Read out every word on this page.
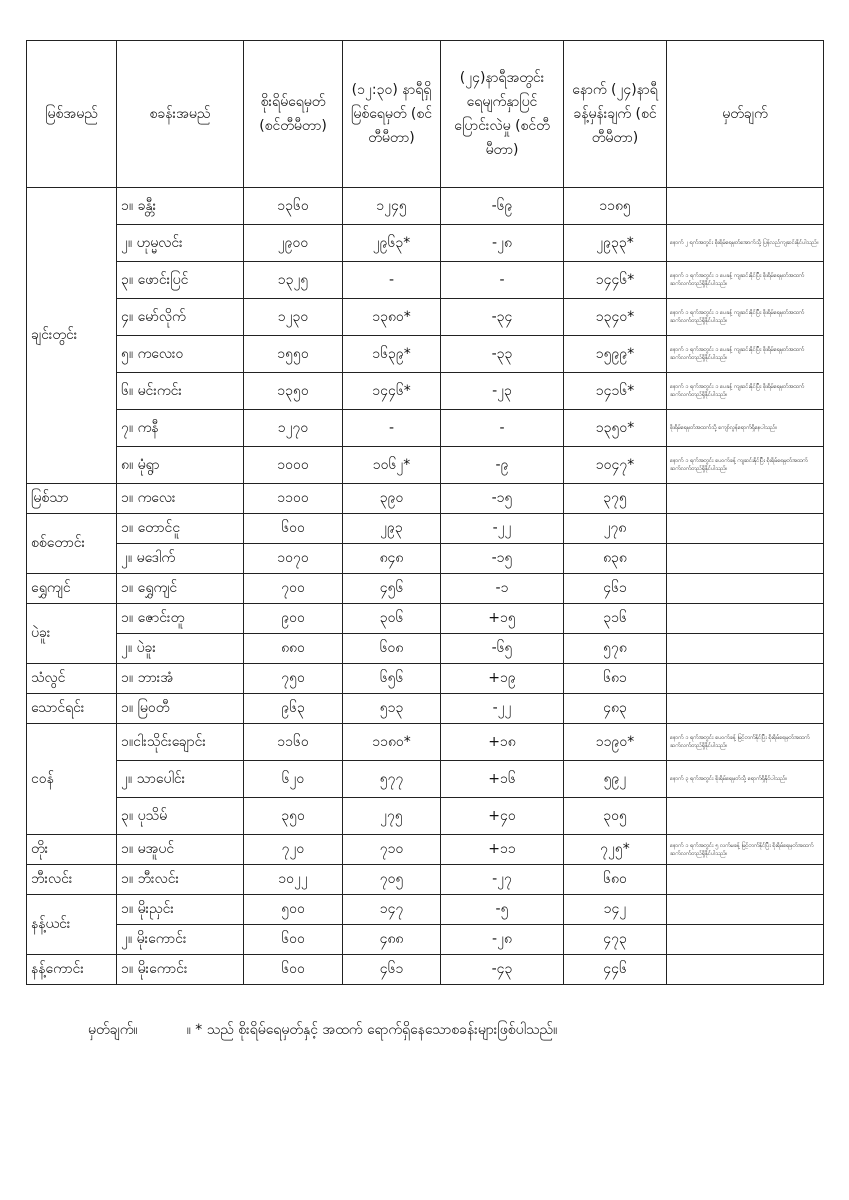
မြစ်အမည်	စခန်းအမည်	စိုးရိမ်ရေမှတ် (စင်တီမီတာ)	(၁၂:၃၀) နာရီရှိ မြစ်ရေမှတ် (စင်တီမီတာ)	(၂၄)နာရီအတွင်း ရေမျက်နှာပြင် ပြောင်းလဲမှု (စင်တီမီတာ)	နောက် (၂၄)နာရီ ခန့်မှန်းချက် (စင်တီမီတာ)	မှတ်ချက်
ချင်းတွင်း	၁။ ခန္တီး	၁၃၆၀	၁၂၄၅	-၆၉	၁၁၈၅	
	၂။ ဟုမ္မလင်း	၂၉၀၀	၂၉၆၃*	-၂၈	၂၉၃၃*	နောက် ၂ ရက်အတွင်း စိုးရိမ်ရေမှတ်အောက်သို့ ပြန်လည်ကျဆင်းနိုင်ပါသည်။
	၃။ ဖောင်းပြင်	၁၃၂၅	-	-	၁၄၄၆*	နောက် ၁ ရက်အတွင်း ၁ ပေခန့် ကျဆင်းနိုင်ပြီး စိုးရိမ်ရေမှတ်အထက် ဆက်လက်တည်ရှိနိုင်ပါသည်။
	၄။ မော်လိုက်	၁၂၃၀	၁၃၈၀*	-၃၄	၁၃၄၀*	နောက် ၁ ရက်အတွင်း ၁ ပေခန့် ကျဆင်းနိုင်ပြီး စိုးရိမ်ရေမှတ်အထက် ဆက်လက်တည်ရှိနိုင်ပါသည်။
	၅။ ကလေးဝ	၁၅၅၀	၁၆၃၉*	-၃၃	၁၅၉၉*	နောက် ၁ ရက်အတွင်း ၁ ပေခန့် ကျဆင်းနိုင်ပြီး စိုးရိမ်ရေမှတ်အထက် ဆက်လက်တည်ရှိနိုင်ပါသည်။
	၆။ မင်းကင်း	၁၃၅၀	၁၄၄၆*	-၂၃	၁၄၁၆*	နောက် ၁ ရက်အတွင်း ၁ ပေခန့် ကျဆင်းနိုင်ပြီး စိုးရိမ်ရေမှတ်အထက် ဆက်လက်တည်ရှိနိုင်ပါသည်။
	၇။ ကနီ	၁၂၇၀	-	-	၁၃၅၀*	စိုးရိမ်ရေမှတ်အထက်သို့ ကျော်လွန်ရောက်ရှိနေပါသည်။
	၈။ မုံရွာ	၁၀၀၀	၁၀၆၂*	-၉	၁၀၄၇*	နောက် ၁ ရက်အတွင်း ပေဝက်ခန့် ကျဆင်းနိုင်ပြီး စိုးရိမ်ရေမှတ်အထက် ဆက်လက်တည်ရှိနိုင်ပါသည်။
မြစ်သာ	၁။ ကလေး	၁၁၀၀	၃၉၀	-၁၅	၃၇၅	
စစ်တောင်း	၁။ တောင်ငူ	၆၀၀	၂၉၃	-၂၂	၂၇၈	
	၂။ မဒေါက်	၁၀၇၀	၈၄၈	-၁၅	၈၃၈	
ရွှေကျင်	၁။ ရွှေကျင်	၇၀၀	၄၅၆	-၁	၄၆၁	
ပဲခူး	၁။ ဇောင်းတူ	၉၀၀	၃၀၆	+၁၅	၃၁၆	
	၂။ ပဲခူး	၈၈၀	၆၀၈	-၆၅	၅၇၈	
သံလွင်	၁။ ဘားအံ	၇၅၀	၆၅၆	+၁၉	၆၈၁	
သောင်ရင်း	၁။ မြဝတီ	၉၆၃	၅၁၃	-၂၂	၄၈၃	
ငဝန်	၁။ငါးသိုင်းချောင်း	၁၁၆၀	၁၁၈၀*	+၁၈	၁၁၉၀*	နောက် ၁ ရက်အတွင်း ပေဝက်ခန့် မြင့်တက်နိုင်ပြီး စိုးရိမ်ရေမှတ်အထက် ဆက်လက်တည်ရှိနိုင်ပါသည်။
	၂။ သာပေါင်း	၆၂၀	၅၇၇	+၁၆	၅၉၂	နောက် ၃ ရက်အတွင်း စိုးရိမ်ရေမှတ်သို့ ရောက်ရှိနိုင်ပါသည်။
	၃။ ပုသိမ်	၃၅၀	၂၇၅	+၄၀	၃၀၅	
တိုး	၁။ မအူပင်	၇၂၀	၇၁၀	+၁၁	၇၂၅*	နောက် ၁ ရက်အတွင်း ၅ လက်မခန့် မြင့်တက်နိုင်ပြီး စိုးရိမ်ရေမှတ်အထက် ဆက်လက်တည်ရှိနိုင်ပါသည်။
ဘီးလင်း	၁။ ဘီးလင်း	၁၀၂၂	၇၀၅	-၂၇	၆၈၀	
နန့်ယင်း	၁။ မိုးညှင်း	၅၀၀	၁၄၇	-၅	၁၄၂	
	၂။ မိုးကောင်း	၆၀၀	၄၈၈	-၂၈	၄၇၃	
နန့်ကောင်း	၁။ မိုးကောင်း	၆၀၀	၄၆၁	-၄၃	၄၄၆	
မှတ်ချက်။	။ * သည် စိုးရိမ်ရေမှတ်နှင့် အထက် ရောက်ရှိနေသောစခန်းများဖြစ်ပါသည်။
